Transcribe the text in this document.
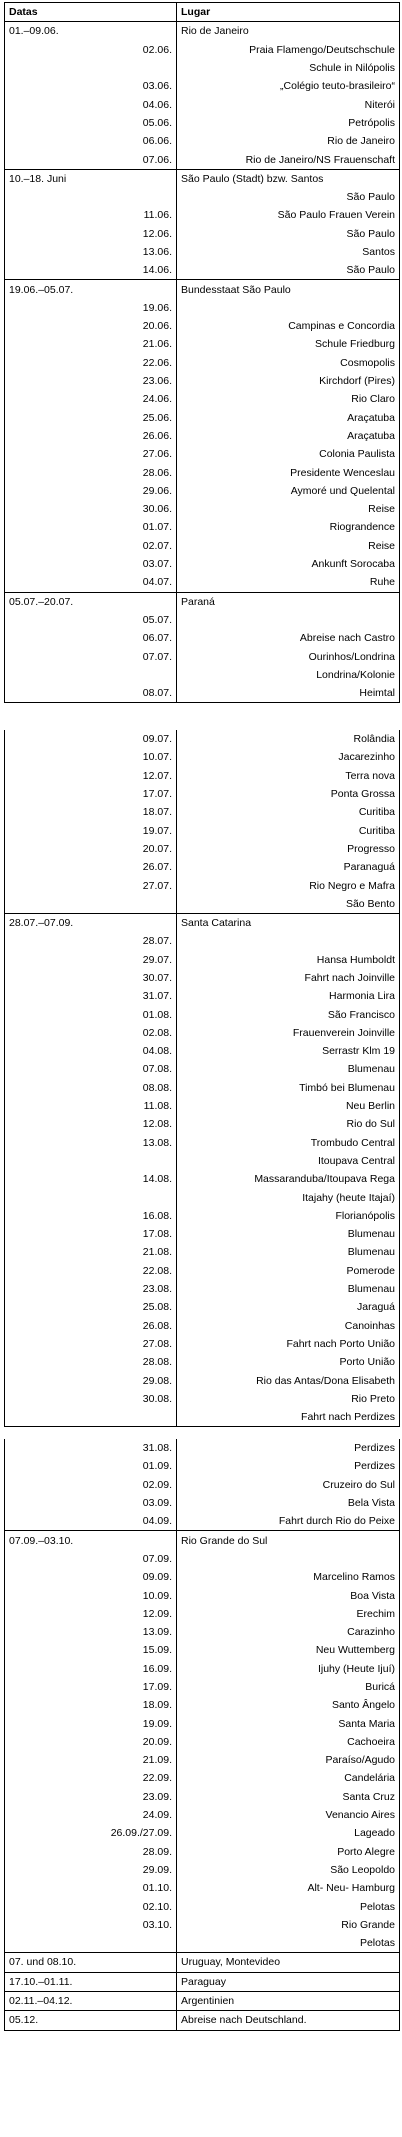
Datas	Lugar
01.–09.06.	Rio de Janeiro
02.06.	Praia Flamengo/Deutschschule
	Schule in Nilópolis
03.06.	„Colégio teuto-brasileiro“
04.06.	Niterói
05.06.	Petrópolis
06.06.	Rio de Janeiro
07.06.	Rio de Janeiro/NS Frauenschaft
10.–18. Juni	São Paulo (Stadt) bzw. Santos
	São Paulo
11.06.	São Paulo Frauen Verein
12.06.	São Paulo
13.06.	Santos
14.06.	São Paulo
19.06.–05.07.	Bundesstaat São Paulo
19.06.	
20.06.	Campinas e Concordia
21.06.	Schule Friedburg
22.06.	Cosmopolis
23.06.	Kirchdorf (Pires)
24.06.	Rio Claro
25.06.	Araçatuba
26.06.	Araçatuba
27.06.	Colonia Paulista
28.06.	Presidente Wenceslau
29.06.	Aymoré und Quelental
30.06.	Reise
01.07.	Riograndence
02.07.	Reise
03.07.	Ankunft Sorocaba
04.07.	Ruhe
05.07.–20.07.	Paraná
05.07.	
06.07.	Abreise nach Castro
07.07.	Ourinhos/Londrina
	Londrina/Kolonie
08.07.	Heimtal
09.07.	Rolândia
10.07.	Jacarezinho
12.07.	Terra nova
17.07.	Ponta Grossa
18.07.	Curitiba
19.07.	Curitiba
20.07.	Progresso
26.07.	Paranaguá
27.07.	Rio Negro e Mafra
	São Bento
28.07.–07.09.	Santa Catarina
28.07.	
29.07.	Hansa Humboldt
30.07.	Fahrt nach Joinville
31.07.	Harmonia Lira
01.08.	São Francisco
02.08.	Frauenverein Joinville
04.08.	Serrastr Klm 19
07.08.	Blumenau
08.08.	Timbó bei Blumenau
11.08.	Neu Berlin
12.08.	Rio do Sul
13.08.	Trombudo Central
	Itoupava Central
14.08.	Massaranduba/Itoupava Rega
	Itajahy (heute Itajaí)
16.08.	Florianópolis
17.08.	Blumenau
21.08.	Blumenau
22.08.	Pomerode
23.08.	Blumenau
25.08.	Jaraguá
26.08.	Canoinhas
27.08.	Fahrt nach Porto União
28.08.	Porto União
29.08.	Rio das Antas/Dona Elisabeth
30.08.	Rio Preto
	Fahrt nach Perdizes
31.08.	Perdizes
01.09.	Perdizes
02.09.	Cruzeiro do Sul
03.09.	Bela Vista
04.09.	Fahrt durch Rio do Peixe
07.09.–03.10.	Rio Grande do Sul
07.09.	
09.09.	Marcelino Ramos
10.09.	Boa Vista
12.09.	Erechim
13.09.	Carazinho
15.09.	Neu Wuttemberg
16.09.	Ijuhy (Heute Ijuí)
17.09.	Buricá
18.09.	Santo Ângelo
19.09.	Santa Maria
20.09.	Cachoeira
21.09.	Paraíso/Agudo
22.09.	Candelária
23.09.	Santa Cruz
24.09.	Venancio Aires
26.09./27.09.	Lageado
28.09.	Porto Alegre
29.09.	São Leopoldo
01.10.	Alt- Neu- Hamburg
02.10.	Pelotas
03.10.	Rio Grande
	Pelotas
07. und 08.10.	Uruguay, Montevideo
17.10.–01.11.	Paraguay
02.11.–04.12.	Argentinien
05.12.	Abreise nach Deutschland.
